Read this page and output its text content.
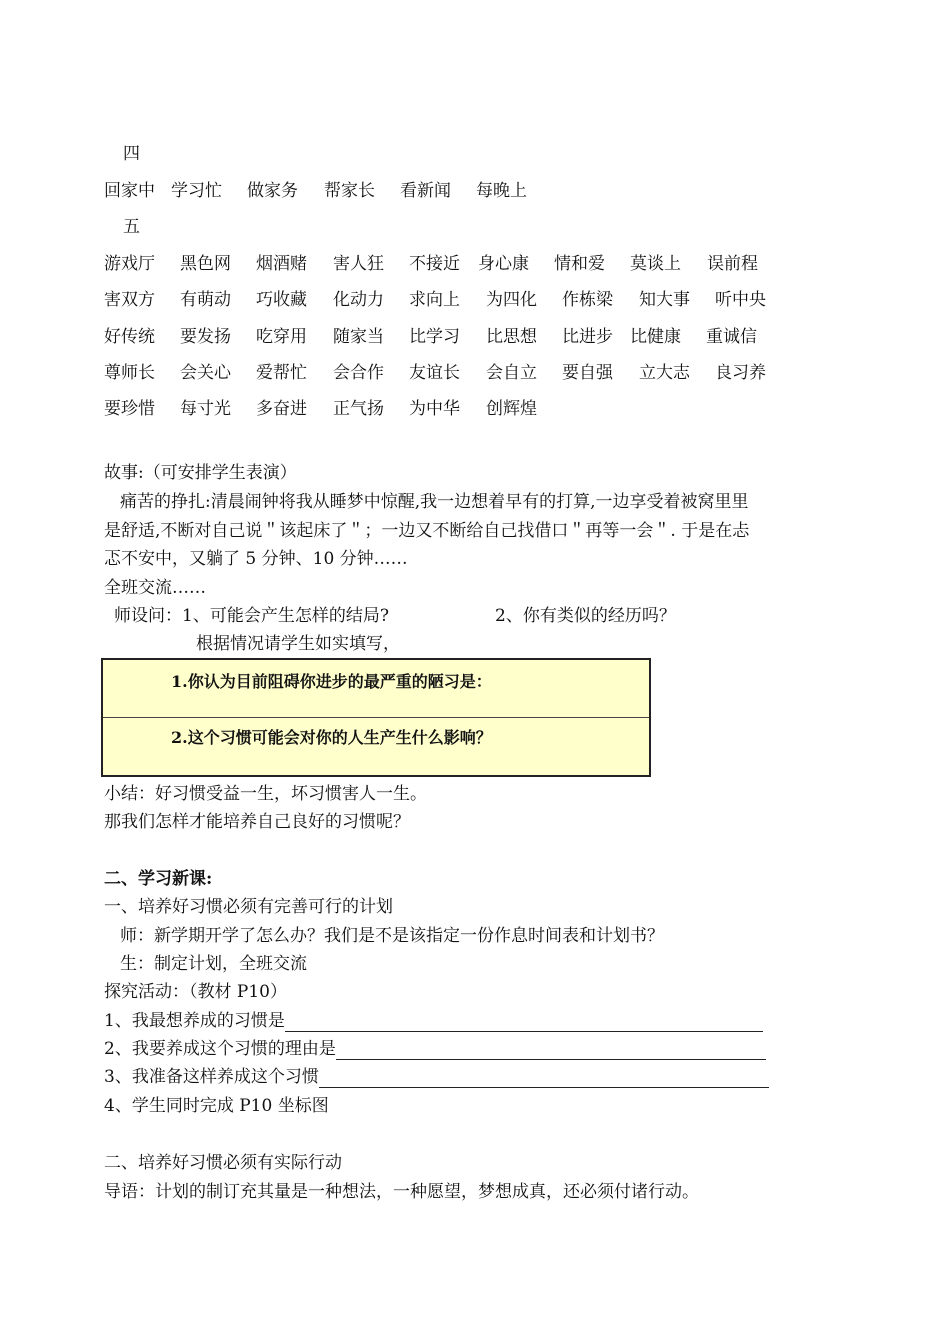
四
回家中 学习忙 做家务 帮家长 看新闻 每晚上
五
游戏厅 黑色网 烟酒赌 害人狂 不接近 身心康 情和爱 莫谈上 误前程
害双方 有萌动 巧收藏 化动力 求向上 为四化 作栋梁 知大事 听中央
好传统 要发扬 吃穿用 随家当 比学习 比思想 比进步 比健康 重诚信
尊师长 会关心 爱帮忙 会合作 友谊长 会自立 要自强 立大志 良习养
要珍惜 每寸光 多奋进 正气扬 为中华 创辉煌
故事:（可安排学生表演）
痛苦的挣扎:清晨闹钟将我从睡梦中惊醒,我一边想着早有的打算,一边享受着被窝里里
是舒适,不断对自己说＂该起床了＂；一边又不断给自己找借口＂再等一会＂. 于是在忐
忑不安中，又躺了 5 分钟、10 分钟……
全班交流……
师设问：1、可能会产生怎样的结局?	2、你有类似的经历吗？
根据情况请学生如实填写，
1.你认为目前阻碍你进步的最严重的陋习是：
2.这个习惯可能会对你的人生产生什么影响？
小结：好习惯受益一生，坏习惯害人一生。
那我们怎样才能培养自己良好的习惯呢？
二、学习新课:
一、培养好习惯必须有完善可行的计划
师：新学期开学了怎么办？我们是不是该指定一份作息时间表和计划书？
生：制定计划，全班交流
探究活动：（教材 P10）
1、我最想养成的习惯是
2、我要养成这个习惯的理由是
3、我准备这样养成这个习惯
4、学生同时完成 P10 坐标图
二、培养好习惯必须有实际行动
导语：计划的制订充其量是一种想法，一种愿望，梦想成真，还必须付诸行动。
